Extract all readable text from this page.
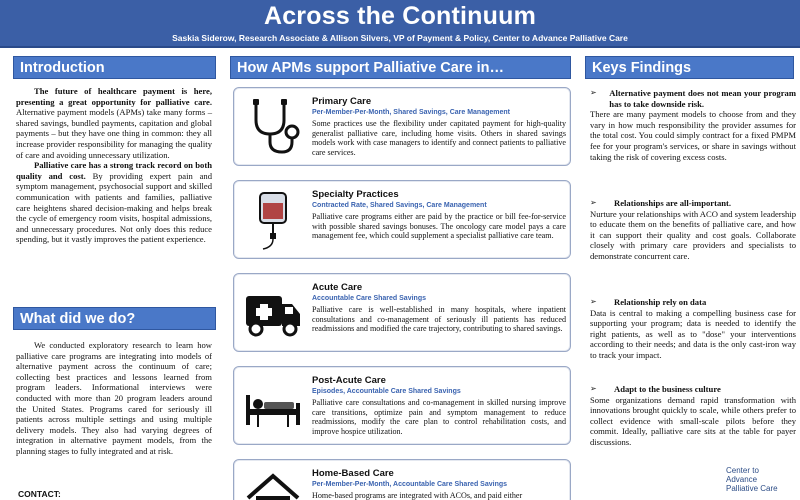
Across the Continuum
Saskia Siderow, Research Associate & Allison Silvers, VP of Payment & Policy, Center to Advance Palliative Care
Introduction

The future of healthcare payment is here, presenting a great opportunity for palliative care. Alternative payment models (APMs) take many forms – shared savings, bundled payments, capitation and global payments – but they have one thing in common: they all increase provider responsibility for managing the quality of care and avoiding unnecessary utilization.

Palliative care has a strong track record on both quality and cost. By providing expert pain and symptom management, psychosocial support and skilled communication with patients and families, palliative care heightens shared decision-making and helps break the cycle of emergency room visits, hospital admissions, and unnecessary procedures. Not only does this reduce spending, but it vastly improves the patient experience.

What did we do?

We conducted exploratory research to learn how palliative care programs are integrating into models of alternative payment across the continuum of care; collecting best practices and lessons learned from program leaders. Informational interviews were conducted with more than 20 program leaders around the United States. Programs cared for seriously ill patients across multiple settings and using multiple delivery models. They also had varying degrees of integration in alternative payment models, from the planning stages to fully integrated and at risk.

CONTACT:
How APMs support Palliative Care in…
Primary Care
Per-Member-Per-Month, Shared Savings, Care Management
Some practices use the flexibility under capitated payment for high-quality generalist palliative care, including home visits. Others in shared savings models work with case managers to identify and connect patients to palliative care services.
Specialty Practices
Contracted Rate, Shared Savings, Care Management
Palliative care programs either are paid by the practice or bill fee-for-service with possible shared savings bonuses. The oncology care model pays a care management fee, which could supplement a specialist palliative care team.
Acute Care
Accountable Care Shared Savings
Palliative care is well-established in many hospitals, where inpatient consultations and co-management of seriously ill patients has reduced readmissions and modified the care trajectory, contributing to shared savings.
Post-Acute Care
Episodes, Accountable Care Shared Savings
Palliative care consultations and co-management in skilled nursing improve care transitions, optimize pain and symptom management to reduce readmissions, modify the care plan to control rehabilitation costs, and improve hospice utilization.
Home-Based Care
Per-Member-Per-Month, Accountable Care Shared Savings
Home-based programs are integrated with ACOs, and paid either
Keys Findings
➢	Alternative payment does not mean your program has to take downside risk.
There are many payment models to choose from and they vary in how much responsibility the provider assumes for the total cost. You could simply contract for a fixed PMPM fee for your program's services, or share in savings without taking the risk of covering excess costs.
➢	Relationships are all-important.
Nurture your relationships with ACO and system leadership to educate them on the benefits of palliative care, and how it can support their quality and cost goals. Collaborate closely with primary care providers and specialists to demonstrate concurrent care.
➢	Relationship rely on data
Data is central to making a compelling business case for supporting your program; data is needed to identify the right patients, as well as to "dose" your interventions according to their needs; and data is the only cast-iron way to track your impact.
➢	Adapt to the business culture
Some organizations demand rapid transformation with innovations brought quickly to scale, while others prefer to collect evidence with small-scale pilots before they commit. Ideally, palliative care sits at the table for payer discussions.
Center to
Advance
Palliative Care
